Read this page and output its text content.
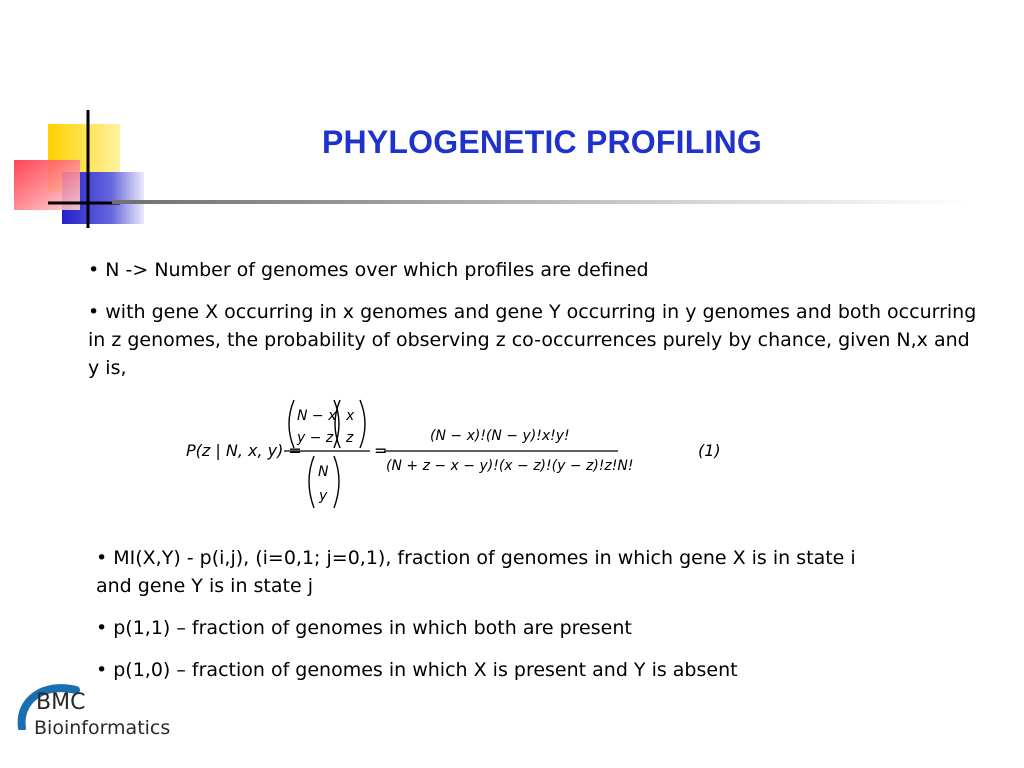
PHYLOGENETIC PROFILING
• N -> Number of genomes over which profiles are defined
• with gene X occurring in x genomes and gene Y occurring in y genomes and both occurring in z genomes, the probability of observing z co-occurrences purely by chance, given N,x and y is,
P(z | N, x, y) =
N − x
y − z
x
z
N
y
=
(N − x)!(N − y)!x!y!
(N + z − x − y)!(x − z)!(y − z)!z!N!
(1)
• MI(X,Y) - p(i,j), (i=0,1; j=0,1), fraction of genomes in which gene X is in state i and gene Y is in state j
• p(1,1) – fraction of genomes in which both are present
• p(1,0) – fraction of genomes in which X is present and Y is absent
BMC
Bioinformatics
